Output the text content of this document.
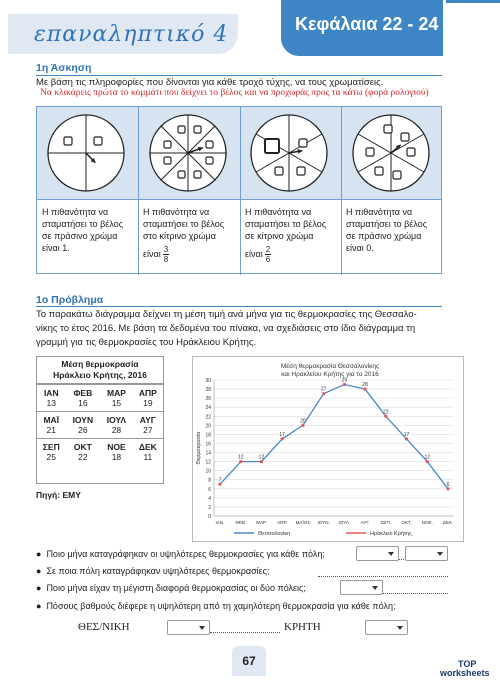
επαναληπτικό 4	Κεφάλαια 22 - 24
1η Άσκηση
Με βάση τις πληροφορίες που δίνονται για κάθε τροχό τύχης, να τους χρωματίσεις.
Να κλικάρεις πρώτα το κομμάτι που δείχνει το βέλος και να προχωράς προς τα κάτω (φορά ρολογιού)
Η πιθανότητα να
σταματήσει το βέλος
σε πράσινο χρώμα
είναι 1.
Η πιθανότητα να
σταματήσει το βέλος
στο κίτρινο χρώμα
είναι $\frac{3}{8}$
Η πιθανότητα να
σταματήσει το βέλος
σε κίτρινο χρώμα
είναι $\frac{2}{6}$
Η πιθανότητα να
σταματήσει το βέλος
σε πράσινο χρώμα
είναι 0.
1ο Πρόβλημα
Το παρακάτω διάγραμμα δείχνει τη μέση τιμή ανά μήνα για τις θερμοκρασίες της Θεσσαλο-
νίκης το έτος 2016. Με βάση τα δεδομένα του πίνακα, να σχεδιάσεις στο ίδιο διάγραμμα τη
γραμμή για τις θερμοκρασίες του Ηράκλειου Κρήτης.
Μέση θερμοκρασία
Ηράκλειο Κρήτης, 2016
ΙΑΝ	ΦΕΒ	ΜΑΡ	ΑΠΡ
13	16	15	19
ΜΑΪ	ΙΟΥΝ	ΙΟΥΛ	ΑΥΓ
21	26	28	27
ΣΕΠ	ΟΚΤ	ΝΟΕ	ΔΕΚ
25	22	18	11
Πηγή: ΕΜΥ
Μέση θερμοκρασία Θεσσαλονίκης
και Ηρακλείου Κρήτης για το 2016
0
2
4
6
8
10
12
14
16
18
20
22
24
26
28
30
Θερμοκρασία
ΙΑΝ. ΦΕΒ. ΜΑΡ. ΑΠΡ. ΜΑΪΟΣ ΙΟΥΝ. ΙΟΥΛ. ΑΥΓ. ΣΕΠ. ΟΚΤ. ΝΟΕ. ΔΕΚ.
7
12	12
17
20
27
29
28
22
17
12
6
Θεσσαλονίκη	Ηράκλειο Κρήτης
● Ποιο μήνα καταγράφηκαν οι υψηλότερες θερμοκρασίες για κάθε πόλη;
● Σε ποια πόλη καταγράφηκαν υψηλότερες θερμοκρασίες;
● Ποιο μήνα είχαν τη μέγιστη διαφορά θερμοκρασίας οι δύο πόλεις;
● Πόσους βαθμούς διέφερε η υψηλότερη από τη χαμηλότερη θερμοκρασία για κάθε πόλη;
ΘΕΣ/ΝΙΚΗ	ΚΡΗΤΗ
67	TOP
worksheets
